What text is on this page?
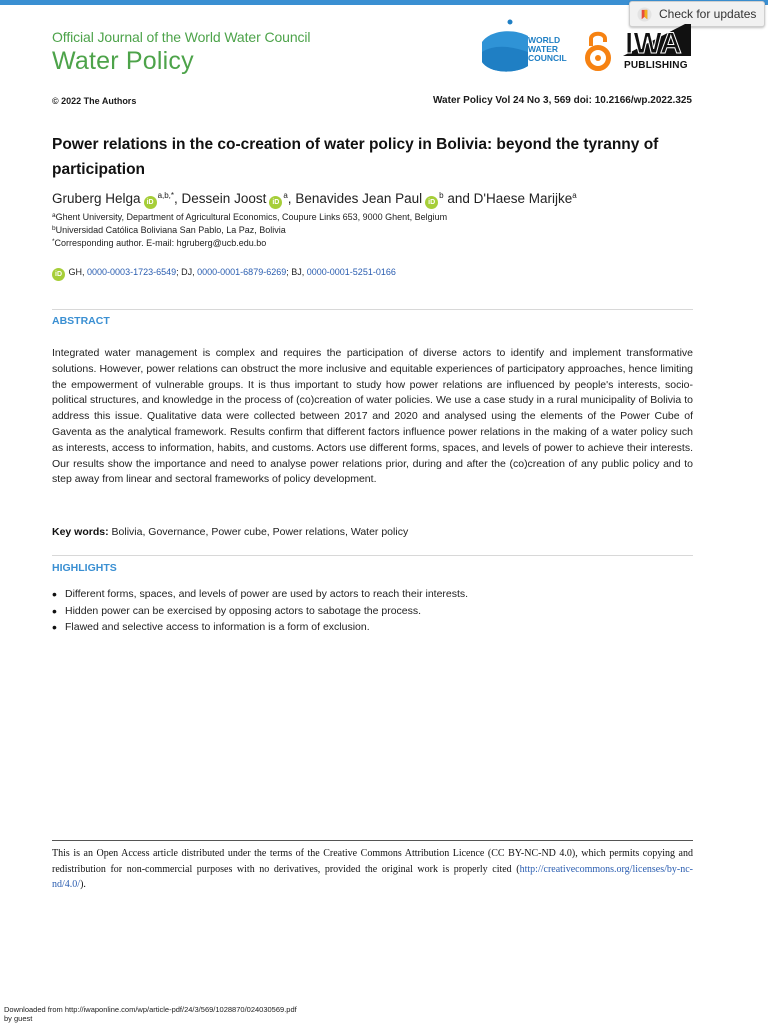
Check for updates
Official Journal of the World Water Council
Water Policy
WORLD
WATER
COUNCIL IWA
PUBLISHING
© 2022 The Authors	Water Policy Vol 24 No 3, 569 doi: 10.2166/wp.2022.325
Power relations in the co-creation of water policy in Bolivia: beyond the tyranny of participation
Gruberg Helga $iD^{a,b,*}$, Dessein Joost $iD^a$, Benavides Jean Paul $iD^b$ and D'Haese Marijke$^a$
$^a$Ghent University, Department of Agricultural Economics, Coupure Links 653, 9000 Ghent, Belgium
$^b$Universidad Católica Boliviana San Pablo, La Paz, Bolivia
*Corresponding author. E-mail: hgruberg@ucb.edu.bo
iD GH, 0000-0003-1723-6549; DJ, 0000-0001-6879-6269; BJ, 0000-0001-5251-0166
ABSTRACT

Integrated water management is complex and requires the participation of diverse actors to identify and implement transformative solutions. However, power relations can obstruct the more inclusive and equitable experiences of participatory approaches, hence limiting the empowerment of vulnerable groups. It is thus important to study how power relations are influenced by people's interests, socio-political structures, and knowledge in the process of (co)creation of water policies. We use a case study in a rural municipality of Bolivia to address this issue. Qualitative data were collected between 2017 and 2020 and analysed using the elements of the Power Cube of Gaventa as the analytical framework. Results confirm that different factors influence power relations in the making of a water policy such as interests, access to information, habits, and customs. Actors use different forms, spaces, and levels of power to achieve their interests. Our results show the importance and need to analyse power relations prior, during and after the (co)creation of any public policy and to step away from linear and sectoral frameworks of policy development.

Key words: Bolivia, Governance, Power cube, Power relations, Water policy
HIGHLIGHTS
• Different forms, spaces, and levels of power are used by actors to reach their interests.
• Hidden power can be exercised by opposing actors to sabotage the process.
• Flawed and selective access to information is a form of exclusion.

This is an Open Access article distributed under the terms of the Creative Commons Attribution Licence (CC BY-NC-ND 4.0), which permits copying and redistribution for non-commercial purposes with no derivatives, provided the original work is properly cited (http://creativecommons.org/licenses/by-nc-nd/4.0/).

Downloaded from http://iwaponline.com/wp/article-pdf/24/3/569/1028870/024030569.pdf
by guest
